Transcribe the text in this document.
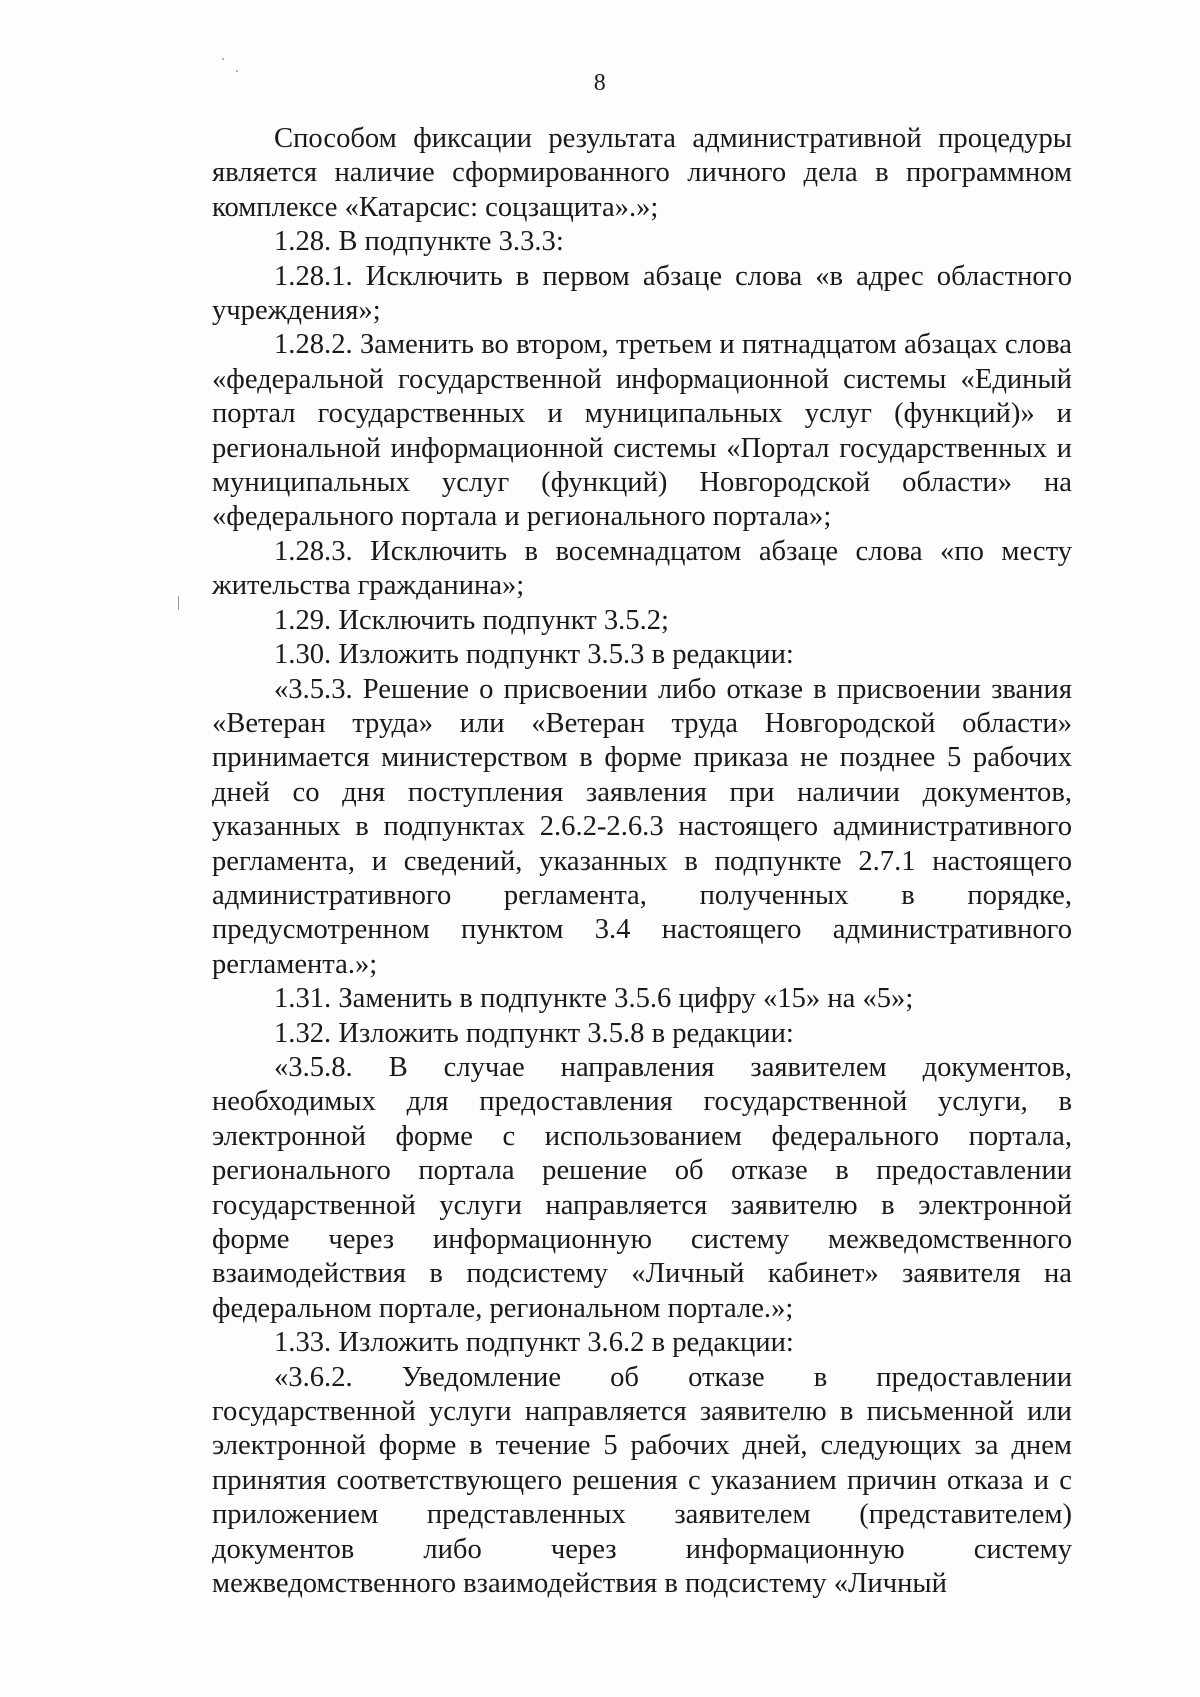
8

Способом фиксации результата административной процедуры является наличие сформированного личного дела в программном комплексе «Катарсис: соцзащита».»;

1.28. В подпункте 3.3.3:

1.28.1. Исключить в первом абзаце слова «в адрес областного учреждения»;

1.28.2. Заменить во втором, третьем и пятнадцатом абзацах слова «федеральной государственной информационной системы «Единый портал государственных и муниципальных услуг (функций)» и региональной информационной системы «Портал государственных и муниципальных услуг (функций) Новгородской области» на «федерального портала и регионального портала»;

1.28.3. Исключить в восемнадцатом абзаце слова «по месту жительства гражданина»;

1.29. Исключить подпункт 3.5.2;

1.30. Изложить подпункт 3.5.3 в редакции:

«3.5.3. Решение о присвоении либо отказе в присвоении звания «Ветеран труда» или «Ветеран труда Новгородской области» принимается министерством в форме приказа не позднее 5 рабочих дней со дня поступления заявления при наличии документов, указанных в подпунктах 2.6.2-2.6.3 настоящего административного регламента, и сведений, указанных в подпункте 2.7.1 настоящего административного регламента, полученных в порядке, предусмотренном пунктом 3.4 настоящего административного регламента.»;

1.31. Заменить в подпункте 3.5.6 цифру «15» на «5»;

1.32. Изложить подпункт 3.5.8 в редакции:

«3.5.8. В случае направления заявителем документов, необходимых для предоставления государственной услуги, в электронной форме с использованием федерального портала, регионального портала решение об отказе в предоставлении государственной услуги направляется заявителю в электронной форме через информационную систему межведомственного взаимодействия в подсистему «Личный кабинет» заявителя на федеральном портале, региональном портале.»;

1.33. Изложить подпункт 3.6.2 в редакции:

«3.6.2. Уведомление об отказе в предоставлении государственной услуги направляется заявителю в письменной или электронной форме в течение 5 рабочих дней, следующих за днем принятия соответствующего решения с указанием причин отказа и с приложением представленных заявителем (представителем) документов либо через информационную систему межведомственного взаимодействия в подсистему «Личный
